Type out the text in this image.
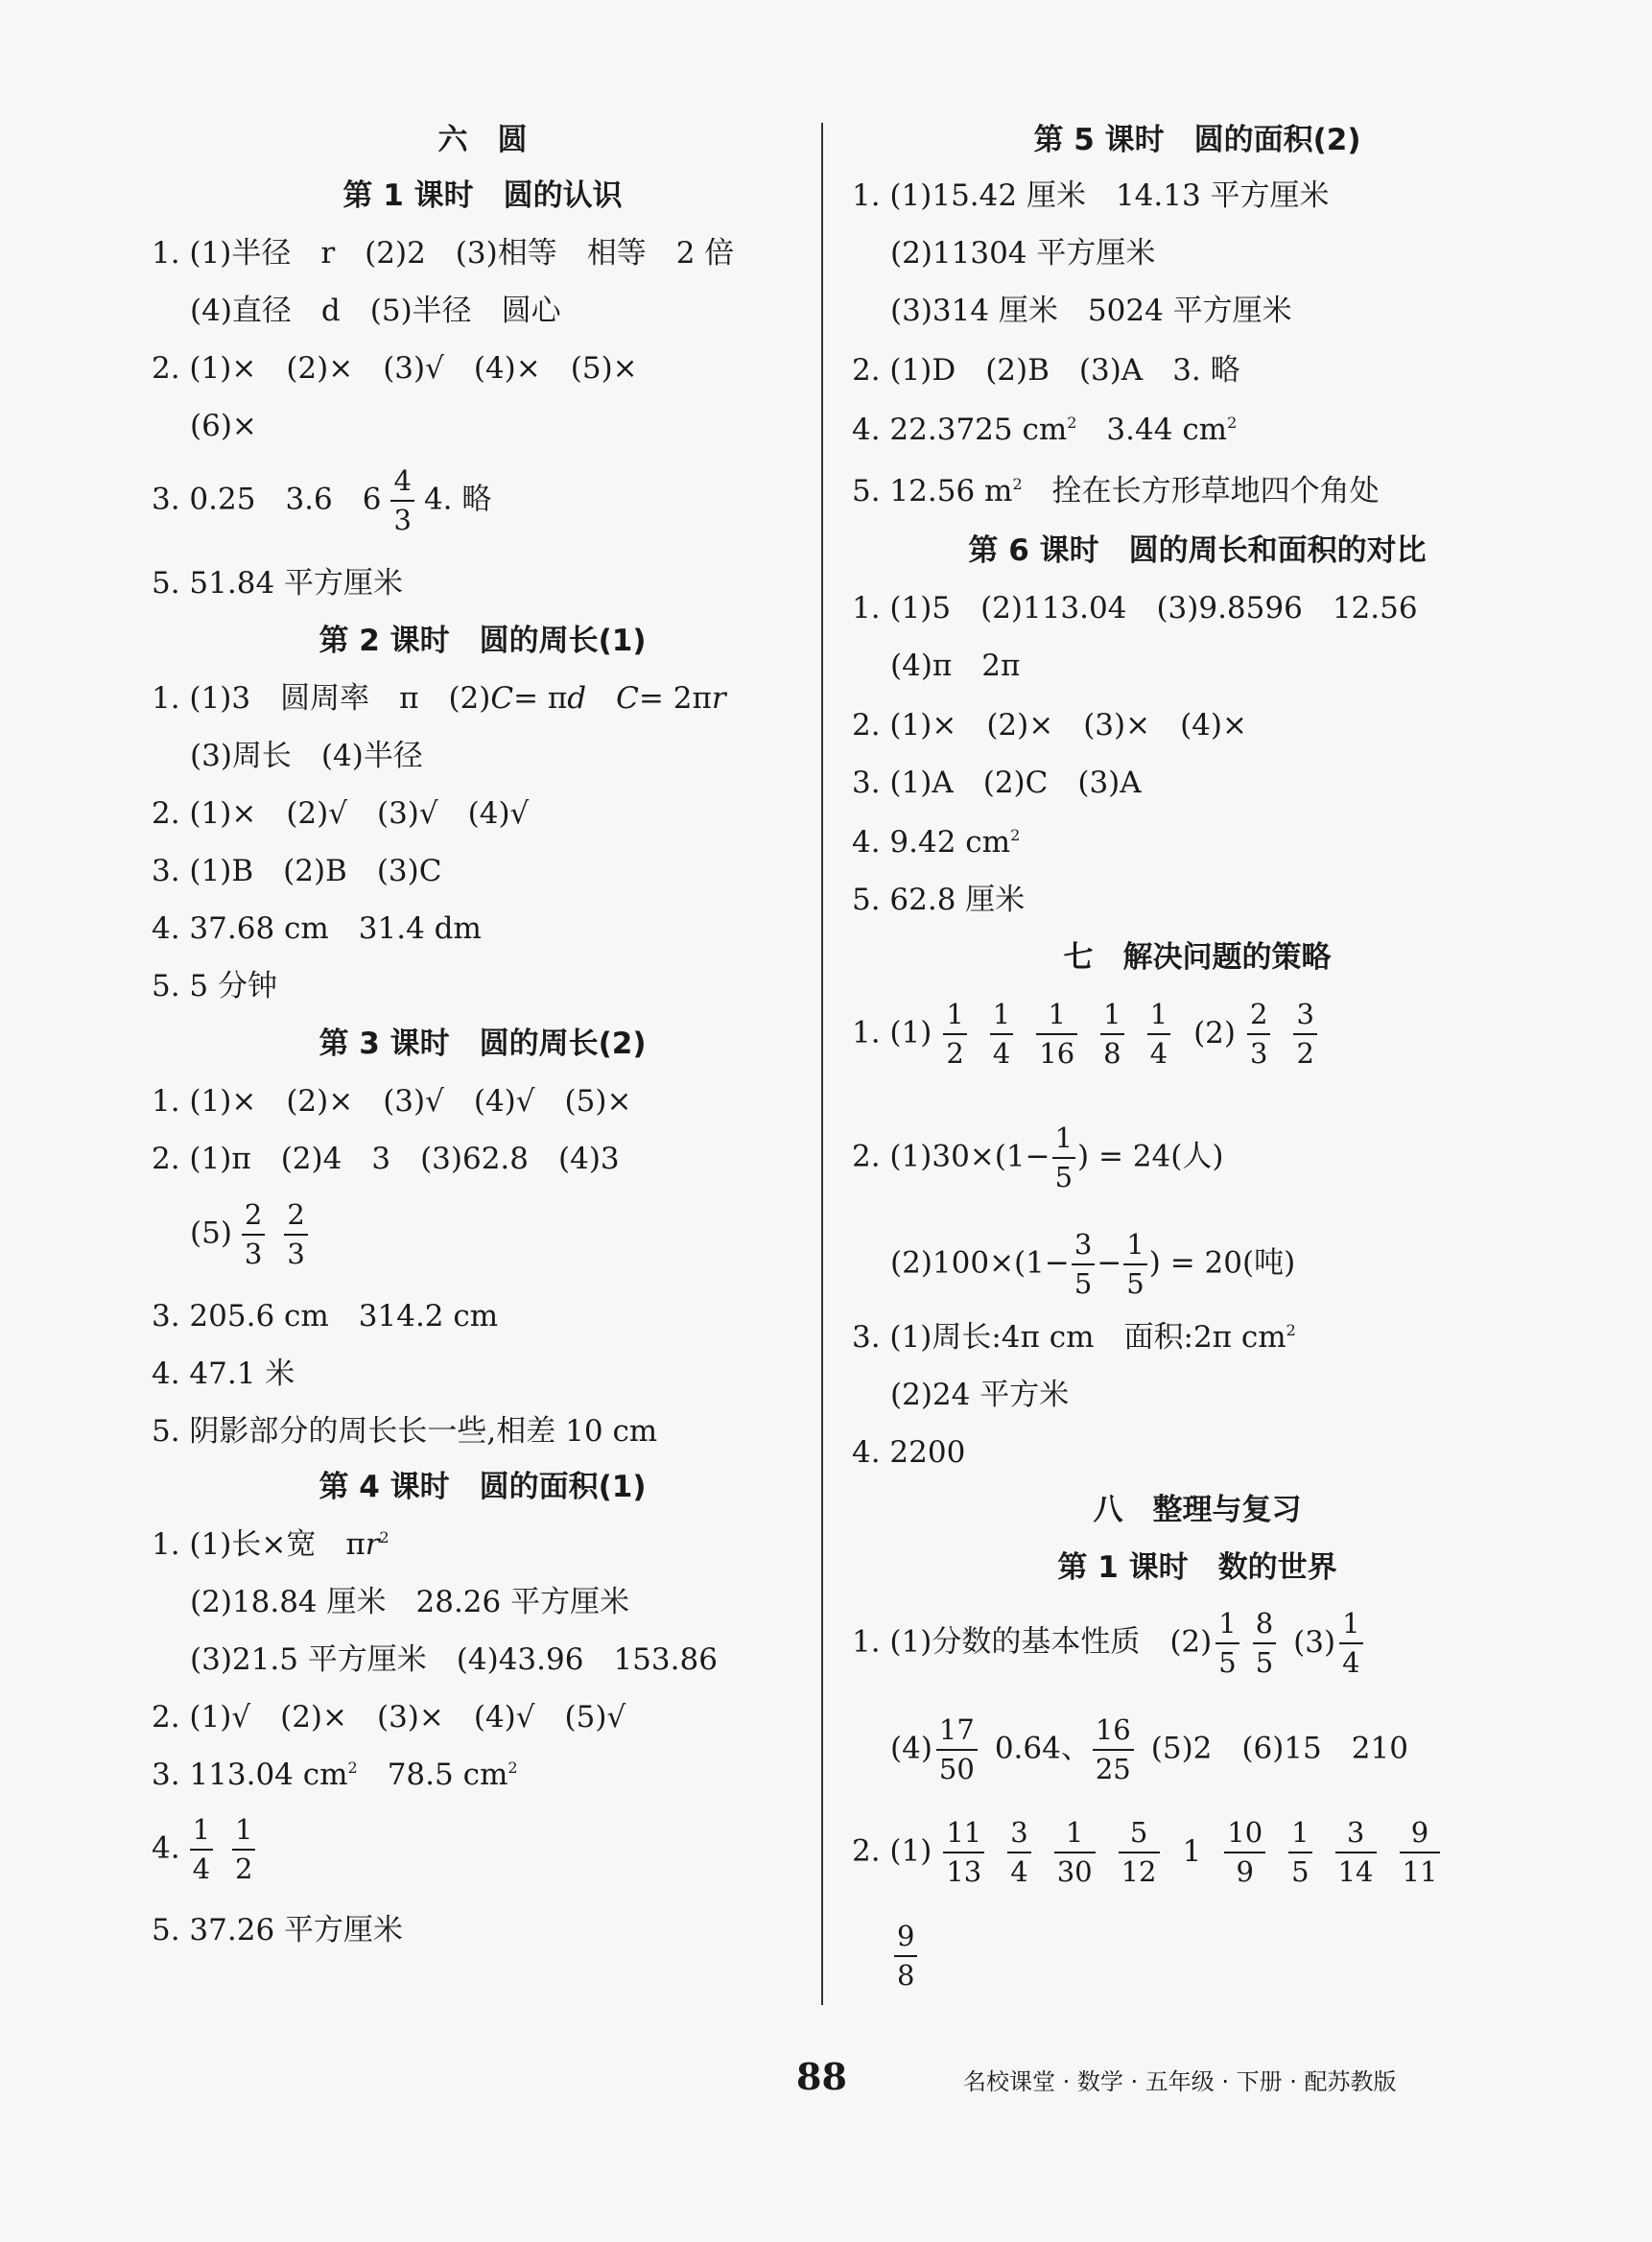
六　圆
第 1 课时　圆的认识
1. (1)半径　r　(2)2　(3)相等　相等　2 倍
(4)直径　d　(5)半径　圆心
2. (1)×　(2)×　(3)√　(4)×　(5)×
(6)×
3. 0.25　3.6　$6 \frac{4}{3} 4$. 略
5. 51.84 平方厘米
第 2 课时　圆的周长(1)
1. (1)3　圆周率　π　(2)C= πd　 C= 2πr
(3)周长　(4)半径
2. (1)×　(2)√　(3)√　(4)√
3. (1)B　(2)B　(3)C
4. 37.68 cm　31.4 dm
5. 5 分钟
第 3 课时　圆的周长(2)
1. (1)×　(2)×　(3)√　(4)√　(5)×
2. (1)π　(2)4　3　(3)62.8　(4)3
$(5) \frac{2}{3} \frac{2}{3}$
3. 205.6 cm　314.2 cm
4. 47.1 米
5. 阴影部分的周长长一些,相差 10 cm
第 4 课时　圆的面积(1)
1. (1)长×宽　$\pi r^2$
(2)18.84 厘米　28.26 平方厘米
(3)21.5 平方厘米　(4)43.96　153.86
2. (1)√　(2)×　(3)×　(4)√　(5)√
3. 113.04 $cm^2$　78.5 $cm^2$
4. $\frac{1}{4} \frac{1}{2}$
5. 37.26 平方厘米
第 5 课时　圆的面积(2)
1. (1)15.42 厘米　14.13 平方厘米
(2)11304 平方厘米
(3)314 厘米　5024 平方厘米
2. (1)D　(2)B　(3)A　3. 略
4. 22.3725 $cm^2$　3.44 $cm^2$
5. 12.56 $m^2$　拴在长方形草地四个角处
第 6 课时　圆的周长和面积的对比
1. (1)5　(2)113.04　(3)9.8596　12.56
(4)π　2π
2. (1)×　(2)×　(3)×　(4)×
3. (1)A　(2)C　(3)A
4. 9.42 $cm^2$
5. 62.8 厘米
七　解决问题的策略
1. $(1) \frac{1}{2} \frac{1}{4} \frac{1}{16} \frac{1}{8} \frac{1}{4} (2) \frac{2}{3} \frac{3}{2}$
2. $(1)30\times(1- \frac{1}{5}$ ) = 24(人)
$(2)100\times(1- \frac{3}{5} - \frac{1}{5}$ ) = 20(吨)
3. (1)周长:4π cm　面积:2π $cm^2$
(2)24 平方米
4. 2200
八　整理与复习
第 1 课时　数的世界
1. (1)分数的基本性质　$(2) \frac{1}{5} \frac{8}{5} (3) \frac{1}{4}$
$(4) \frac{17}{50} 0.64$、 $\frac{16}{25} (5)2$　(6)15　210
2. $(1) \frac{11}{13} \frac{3}{4} \frac{1}{30} \frac{5}{12} 1 \frac{10}{9} \frac{1}{5} \frac{3}{14} \frac{9}{11}$
$\frac{9}{8}$
88	名校课堂 · 数学 · 五年级 · 下册 · 配苏教版
